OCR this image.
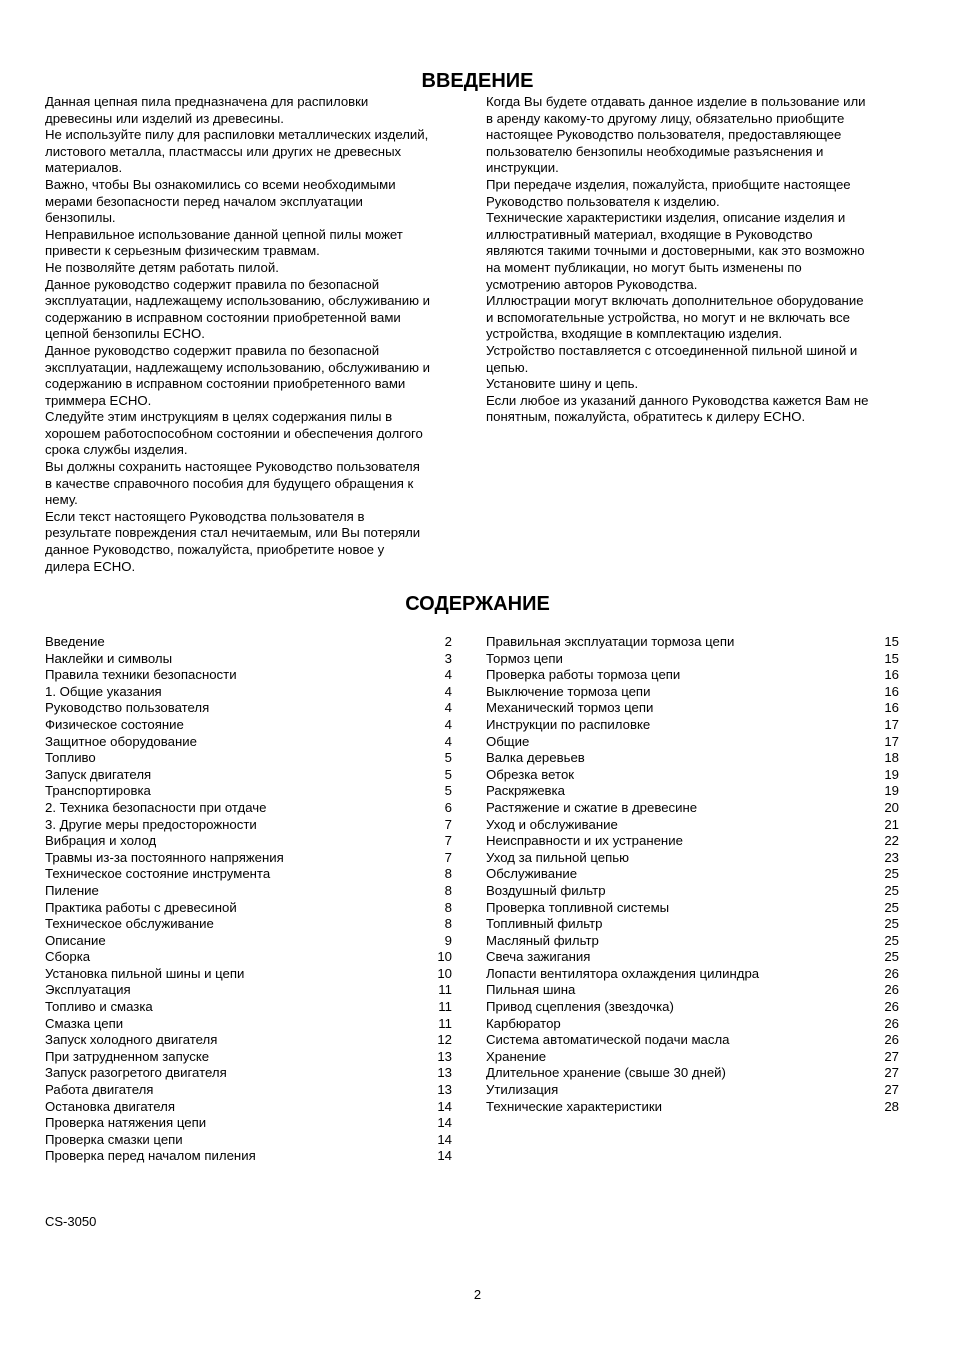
ВВЕДЕНИЕ

Данная цепная пила предназначена для распиловки

древесины или изделий из древесины.

Не используйте пилу для распиловки металлических изделий,

листового металла, пластмассы или других не древесных

материалов.

Важно, чтобы Вы ознакомились со всеми необходимыми

мерами безопасности перед началом эксплуатации

бензопилы.

Неправильное использование данной цепной пилы может

привести к серьезным физическим травмам.

Не позволяйте детям работать пилой.

Данное руководство содержит правила по безопасной

эксплуатации, надлежащему использованию, обслуживанию и

содержанию в исправном состоянии приобретенной вами

цепной бензопилы ECHO.

Данное руководство содержит правила по безопасной

эксплуатации, надлежащему использованию, обслуживанию и

содержанию в исправном состоянии приобретенного вами

триммера ECHO.

Следуйте этим инструкциям в целях содержания пилы в

хорошем работоспособном состоянии и обеспечения долгого

срока службы изделия.

Вы должны сохранить настоящее Руководство пользователя

в качестве справочного пособия для будущего обращения к

нему.

Если текст настоящего Руководства пользователя в

результате повреждения стал нечитаемым, или Вы потеряли

данное Руководство, пожалуйста, приобретите новое у

дилера ECHO.

Когда Вы будете отдавать данное изделие в пользование или

в аренду какому-то другому лицу, обязательно приобщите

настоящее Руководство пользователя, предоставляющее

пользователю бензопилы необходимые разъяснения и

инструкции.

При передаче изделия, пожалуйста, приобщите настоящее

Руководство пользователя к изделию.

Технические характеристики изделия, описание изделия и

иллюстративный материал, входящие в Руководство

являются такими точными и достоверными, как это возможно

на момент публикации, но могут быть изменены по

усмотрению авторов Руководства.

Иллюстрации могут включать дополнительное оборудование

и вспомогательные устройства, но могут и не включать все

устройства, входящие в комплектацию изделия.

Устройство поставляется с отсоединенной пильной шиной и

цепью.

Установите шину и цепь.

Если любое из указаний данного Руководства кажется Вам не

понятным, пожалуйста, обратитесь к дилеру ECHO.

СОДЕРЖАНИЕ
Введение	2
Наклейки и символы	3
Правила техники безопасности	4
1. Общие указания	4
Руководство пользователя	4
Физическое состояние	4
Защитное оборудование	4
Топливо	5
Запуск двигателя	5
Транспортировка	5
2. Техника безопасности при отдаче	6
3. Другие меры предосторожности	7
Вибрация и холод	7
Травмы из-за постоянного напряжения	7
Техническое состояние инструмента	8
Пиление	8
Практика работы с древесиной	8
Техническое обслуживание	8
Описание	9
Сборка	10
Установка пильной шины и цепи	10
Эксплуатация	11
Топливо и смазка	11
Смазка цепи	11
Запуск холодного двигателя	12
При затрудненном запуске	13
Запуск разогретого двигателя	13
Работа двигателя	13
Остановка двигателя	14
Проверка натяжения цепи	14
Проверка смазки цепи	14
Проверка перед началом пиления	14
Правильная эксплуатации тормоза цепи	15
Тормоз цепи	15
Проверка работы тормоза цепи	16
Выключение тормоза цепи	16
Механический тормоз цепи	16
Инструкции по распиловке	17
Общие	17
Валка деревьев	18
Обрезка веток	19
Раскряжевка	19
Растяжение и сжатие в древесине	20
Уход и обслуживание	21
Неисправности и их устранение	22
Уход за пильной цепью	23
Обслуживание	25
Воздушный фильтр	25
Проверка топливной системы	25
Топливный фильтр	25
Масляный фильтр	25
Свеча зажигания	25
Лопасти вентилятора охлаждения цилиндра	26
Пильная шина	26
Привод сцепления (звездочка)	26
Карбюратор	26
Система автоматической подачи масла	26
Хранение	27
Длительное хранение (свыше 30 дней)	27
Утилизация	27
Технические характеристики	28
CS-3050
2
